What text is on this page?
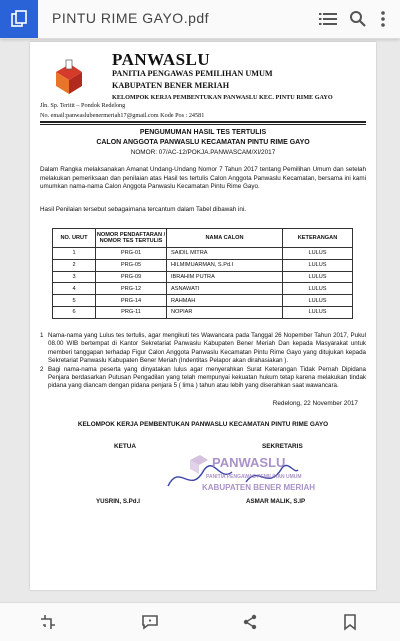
PINTU RIME GAYO.pdf
PANWASLU
PANITIA PENGAWAS PEMILIHAN UMUM
KABUPATEN BENER MERIAH
KELOMPOK KERJA PEMBENTUKAN PANWASLU KEC. PINTU RIME GAYO
Jln. Sp. Teritit – Pondok Redelong
No. email:panwaslubenermeriah17@gmail.com Kode Pos : 24581
PENGUMUMAN HASIL TES TERTULIS
CALON ANGGOTA PANWASLU KECAMATAN PINTU RIME GAYO
NOMOR: 07/AC-12/POKJA.PANWASCAM/XI/2017
Dalam Rangka melaksanakan Amanat Undang-Undang Nomor 7 Tahun 2017 tentang Pemilihan Umum dan setelah melakukan pemeriksaan dan penilaian atas Hasil tes tertulis Calon Anggota Panwaslu Kecamatan, bersama ini kami umumkan nama-nama Calon Anggota Panwaslu Kecamatan Pintu Rime Gayo.
Hasil Penilaian tersebut sebagaimana tercantum dalam Tabel dibawah ini.
NO. URUT	NOMOR PENDAFTARAN / NOMOR TES TERTULIS	NAMA CALON	KETERANGAN
1	PRG-01	SAIDIL MITRA	LULUS
2	PRG-05	HILMIMUARMAN, S.Pd.I	LULUS
3	PRG-09	IBRAHIM PUTRA	LULUS
4	PRG-12	ASNAWATI	LULUS
5	PRG-14	RAHMAH	LULUS
6	PRG-11	NOPIAR	LULUS
1 Nama-nama yang Lulus tes tertulis, agar mengikuti tes Wawancara pada Tanggal 26 Nopember Tahun 2017, Pukul 08.00 WIB bertempat di Kantor Sekretariat Panwaslu Kabupaten Bener Meriah Dan kepada Masyarakat untuk memberi tanggapan terhadap Figur Calon Anggota Panwaslu Kecamatan Pintu Rime Gayo yang ditujukan kepada Sekretariat Panwaslu Kabupaten Bener Meriah (Indentitas Pelapor akan dirahasiakan ).
2 Bagi nama-nama peserta yang dinyatakan lulus agar menyerahkan Surat Keterangan Tidak Pernah Dipidana Penjara berdasarkan Putusan Pengadilan yang telah mempunyai kekuatan hukum tetap karena melakukan tindak pidana yang diancam dengan pidana penjara 5 ( lima ) tahun atau lebih yang diserahkan saat wawancara.
Redelong, 22 November 2017
KELOMPOK KERJA PEMBENTUKAN PANWASLU KECAMATAN PINTU RIME GAYO
KETUA	SEKRETARIS
PANWASLU
PANITIA PENGAWAS PEMILIHAN UMUM
KABUPATEN BENER MERIAH
YUSRIN, S.Pd.I	ASMAR MALIK, S.IP
